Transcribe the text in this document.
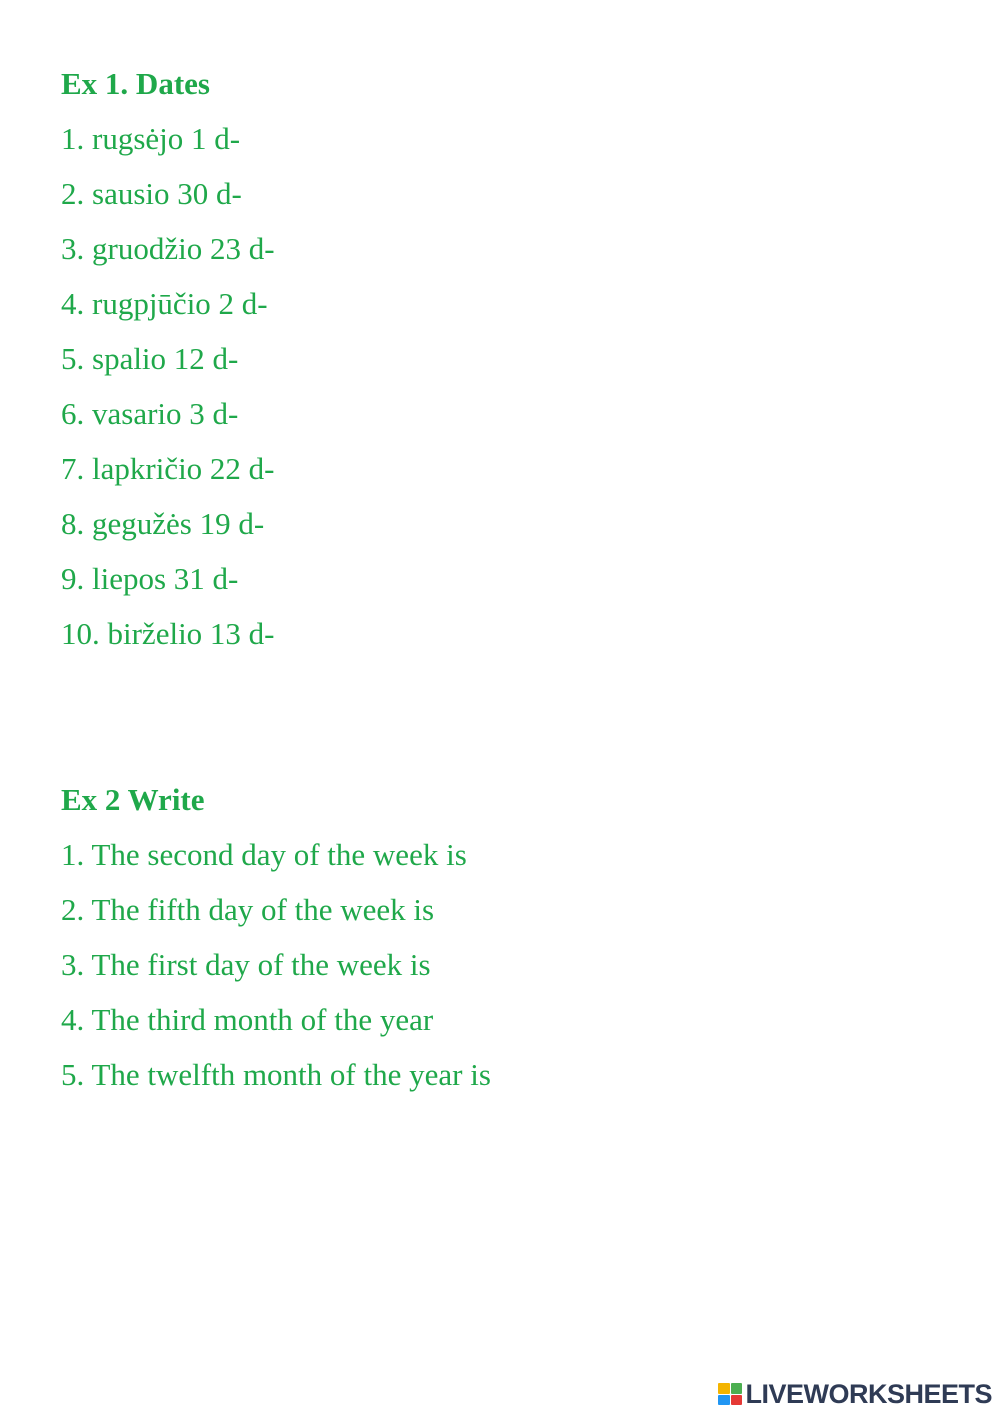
Ex 1. Dates
1. rugsėjo 1 d-
2. sausio 30 d-
3. gruodžio 23 d-
4. rugpjūčio 2 d-
5. spalio 12 d-
6. vasario 3 d-
7. lapkričio 22 d-
8. gegužės 19 d-
9. liepos 31 d-
10. birželio 13 d-
Ex 2 Write
1. The second day of the week is
2. The fifth day of the week is
3. The first day of the week is
4. The third month of the year
5. The twelfth month of the year is
LIVEWORKSHEETS
